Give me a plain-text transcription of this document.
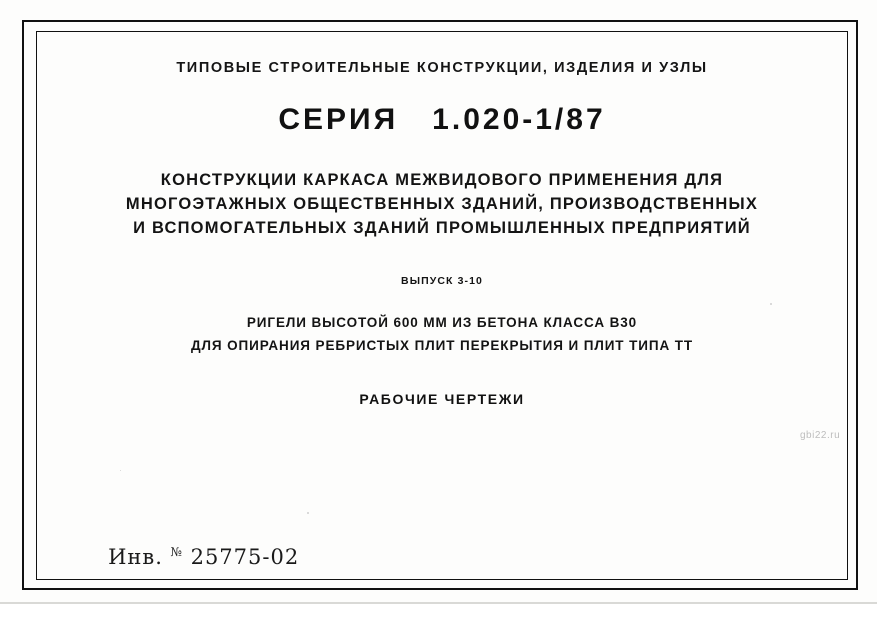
ТИПОВЫЕ СТРОИТЕЛЬНЫЕ КОНСТРУКЦИИ, ИЗДЕЛИЯ И УЗЛЫ
СЕРИЯ   1.020-1/87
КОНСТРУКЦИИ КАРКАСА МЕЖВИДОВОГО ПРИМЕНЕНИЯ ДЛЯ
МНОГОЭТАЖНЫХ ОБЩЕСТВЕННЫХ ЗДАНИЙ, ПРОИЗВОДСТВЕННЫХ
И ВСПОМОГАТЕЛЬНЫХ ЗДАНИЙ ПРОМЫШЛЕННЫХ ПРЕДПРИЯТИЙ
ВЫПУСК 3-10
РИГЕЛИ ВЫСОТОЙ 600 ММ ИЗ БЕТОНА КЛАССА В30
ДЛЯ ОПИРАНИЯ РЕБРИСТЫХ ПЛИТ ПЕРЕКРЫТИЯ И ПЛИТ ТИПА ТТ
РАБОЧИЕ ЧЕРТЕЖИ

Инв. № 25775-02

gbi22.ru
